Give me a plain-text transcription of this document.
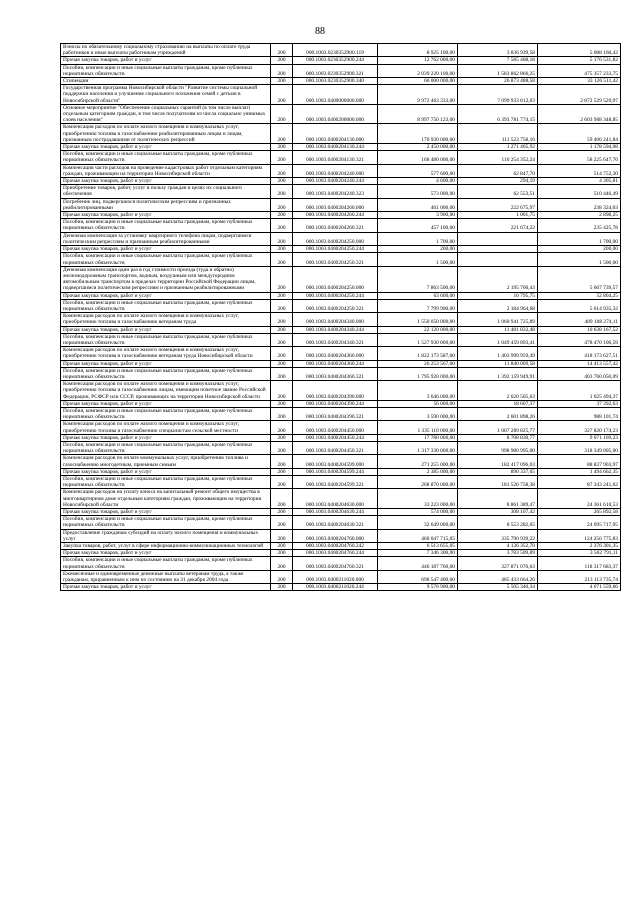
88
Взносы по обязательному социальному страхованию на выплаты по оплате труда работников и иные выплаты работникам учреждений	200	000.1003.0230352900.119	8 925 100,00	3 836 939,58	5 088 160,42
Прочая закупка товаров, работ и услуг	200	000.1003.0230352900.244	12 762 000,00	7 585 468,18	5 176 531,82
Пособия, компенсации и иные социальные выплаты гражданам, кроме публичных нормативных обязательств	200	000.1003.0230352900.321	2 039 220 100,00	1 583 862 866,25	475 357 233,75
Стипендии	200	000.1003.0230352900.340	60 000 000,00	26 873 488,58	33 126 511,42
Государственная программа Новосибирской области "Развитие системы социальной поддержки населения и улучшение социального положения семей с детьми в Новосибирской области"	200	000.1003.0400000000.000	9 972 463 333,00	7 099 933 812,03	2 872 529 520,97
Основное мероприятие "Обеспечение социальных гарантий (в том числе выплат) отдельным категориям граждан, в том числе получателям из числа социально уязвимых слоев населения"	200	000.1003.0400200000.000	8 997 750 123,00	6 393 781 774,15	2 603 968 348,85
Компенсация расходов по оплате жилого помещения и коммунальных услуг, приобретению топлива и газоснабжению реабилитированным лицам и лицам, признанным пострадавшими от политических репрессий	200	000.1003.0400204130.000	170 930 000,00	111 523 758,16	59 406 241,84
Прочая закупка товаров, работ и услуг	200	000.1003.0400204130.244	2 450 000,00	1 271 405,92	1 178 594,08
Пособия, компенсации и иные социальные выплаты гражданам, кроме публичных нормативных обязательств	200	000.1003.0400204130.321	168 480 000,00	110 254 352,24	58 225 647,76
Компенсация части расходов на проведение кадастровых работ отдельным категориям граждан, проживающим на территории Новосибирской области	200	000.1003.0400204240.000	577 600,00	62 847,70	514 752,30
Прочая закупка товаров, работ и услуг	200	000.1003.0400204240.244	4 600,00	294,19	4 305,81
Приобретение товаров, работ, услуг в пользу граждан в целях их социального обеспечения	200	000.1003.0400204240.323	573 000,00	62 553,51	510 446,49
Погребение лиц, подвергшихся политическим репрессиям и признанных реабилитированными	200	000.1003.0400204260.000	461 000,00	222 675,97	238 324,03
Прочая закупка товаров, работ и услуг	200	000.1003.0400204260.244	3 900,00	1 001,75	2 898,25
Пособия, компенсации и иные социальные выплаты гражданам, кроме публичных нормативных обязательств	200	000.1003.0400204260.321	457 100,00	221 674,22	235 425,78
Денежная компенсация за установку квартирного телефона лицам, подвергшимся политическим репрессиям и признанным реабилитированными	200	000.1003.0400204250.000	1 700,00		1 700,00
Прочая закупка товаров, работ и услуг	200	000.1003.0400204250.244	200,00		200,00
Пособия, компенсации и иные социальные выплаты гражданам, кроме публичных нормативных обязательств	200	000.1003.0400204250.321	1 500,00		1 500,00
Денежная компенсация один раз в год стоимости проезда (туда и обратно) железнодорожным транспортом, водным, воздушным или междугородним автомобильным транспортом в пределах территории Российской Федерации лицам, подвергшимся политическим репрессиям и признанным реабилитированными	200	000.1003.0400204250.000	7 863 500,00	2 195 760,43	5 667 739,57
Прочая закупка товаров, работ и услуг	200	000.1003.0400204250.244	63 600,00	10 795,75	52 804,25
Пособия, компенсации и иные социальные выплаты гражданам, кроме публичных нормативных обязательств	200	000.1003.0400204250.321	7 799 900,00	2 184 964,68	5 614 935,32
Компенсация расходов по оплате жилого помещения и коммунальных услуг, приобретению топлива и газоснабжению ветеранам труда	200	000.1003.0400204340.000	1 550 050 000,00	1 060 941 725,89	489 108 274,11
Прочая закупка товаров, работ и услуг	200	000.1003.0400204340.244	22 120 000,00	11 481 832,48	10 638 167,52
Пособия, компенсации и иные социальные выплаты гражданам, кроме публичных нормативных обязательств	200	000.1003.0400204340.321	1 527 930 000,00	1 049 459 893,41	478 470 106,59
Компенсация расходов по оплате жилого помещения и коммунальных услуг, приобретению топлива и газоснабжению ветеранам труда Новосибирской области	200	000.1003.0400204360.000	1 822 173 587,00	1 403 999 959,49	418 173 627,51
Прочая закупка товаров, работ и услуг	200	000.1003.0400204360.244	26 253 567,00	11 840 009,58	14 413 557,42
Пособия, компенсации и иные социальные выплаты гражданам, кроме публичных нормативных обязательств	200	000.1003.0400204360.321	1 795 920 000,00	1 392 159 949,91	403 760 050,09
Компенсация расходов по оплате жилого помещения и коммунальных услуг, приобретению топлива и газоснабжению лицам, имеющим почетное звание Российской Федерации, РСФСР или СССР, проживающих на территории Новосибирской области	200	000.1003.0400204390.000	3 646 000,00	2 620 505,63	1 025 494,37
Прочая закупка товаров, работ и услуг	200	000.1003.0400204390.244	56 000,00	18 607,37	37 392,63
Пособия, компенсации и иные социальные выплаты гражданам, кроме публичных нормативных обязательств	200	000.1003.0400204390.321	3 590 000,00	2 601 898,26	988 101,74
Компенсация расходов по оплате жилого помещения и коммунальных услуг, приобретению топлива и газоснабжению специалистам сельской местности	200	000.1003.0400204450.000	1 335 110 000,00	1 007 289 825,77	327 820 174,23
Прочая закупка товаров, работ и услуг	200	000.1003.0400204450.244	17 780 000,00	8 708 830,77	9 071 169,23
Пособия, компенсации и иные социальные выплаты гражданам, кроме публичных нормативных обязательств	200	000.1003.0400204450.321	1 317 330 000,00	998 980 995,00	318 349 005,00
Компенсация расходов по оплате коммунальных услуг, приобретению топлива и газоснабжению многодетным, приемным семьям	200	000.1003.0400204599.000	271 255 000,00	182 417 096,03	88 837 903,97
Прочая закупка товаров, работ и услуг	200	000.1003.0400204599.244	2 385 000,00	890 337,65	1 494 662,35
Пособия, компенсации и иные социальные выплаты гражданам, кроме публичных нормативных обязательств	200	000.1003.0400204599.321	268 870 000,00	181 526 758,38	87 343 241,62
Компенсация расходов на уплату взноса на капитальный ремонт общего имущества в многоквартирном доме отдельным категориям граждан, проживающим на территории Новосибирской области	200	000.1003.0400204630.000	33 223 000,00	8 861 389,47	24 361 610,53
Прочая закупка товаров, работ и услуг	200	000.1003.0400204630.244	574 000,00	308 107,42	265 892,58
Пособия, компенсации и иные социальные выплаты гражданам, кроме публичных нормативных обязательств	200	000.1003.0400204630.321	32 649 000,00	8 553 282,05	24 095 717,95
Предоставление гражданам субсидий на оплату жилого помещения и коммунальных услуг	200	000.1003.0400204760.000	460 047 715,05	335 790 939,22	124 256 775,83
Закупка товаров, работ, услуг в сфере информационно-коммуникационных технологий	200	000.1003.0400204760.242	6 513 655,05	4 136 352,70	2 376 301,35
Прочая закупка товаров, работ и услуг	200	000.1003.0400204760.244	7 346 300,00	3 783 509,89	3 562 791,11
Пособия, компенсации и иные социальные выплаты гражданам, кроме публичных нормативных обязательств	200	000.1003.0400204760.321	446 187 760,00	327 871 076,63	118 317 683,37
Ежемесячные и единовременные денежные выплаты ветеранам труда, а также гражданам, приравненным к ним по состоянию на 31 декабря 2004 года	200	000.1003.0400211020.000	698 547 400,00	485 433 664,26	213 113 735,74
Прочая закупка товаров, работ и услуг	200	000.1003.0400211020.244	9 576 900,00	5 505 340,34	4 071 559,66
